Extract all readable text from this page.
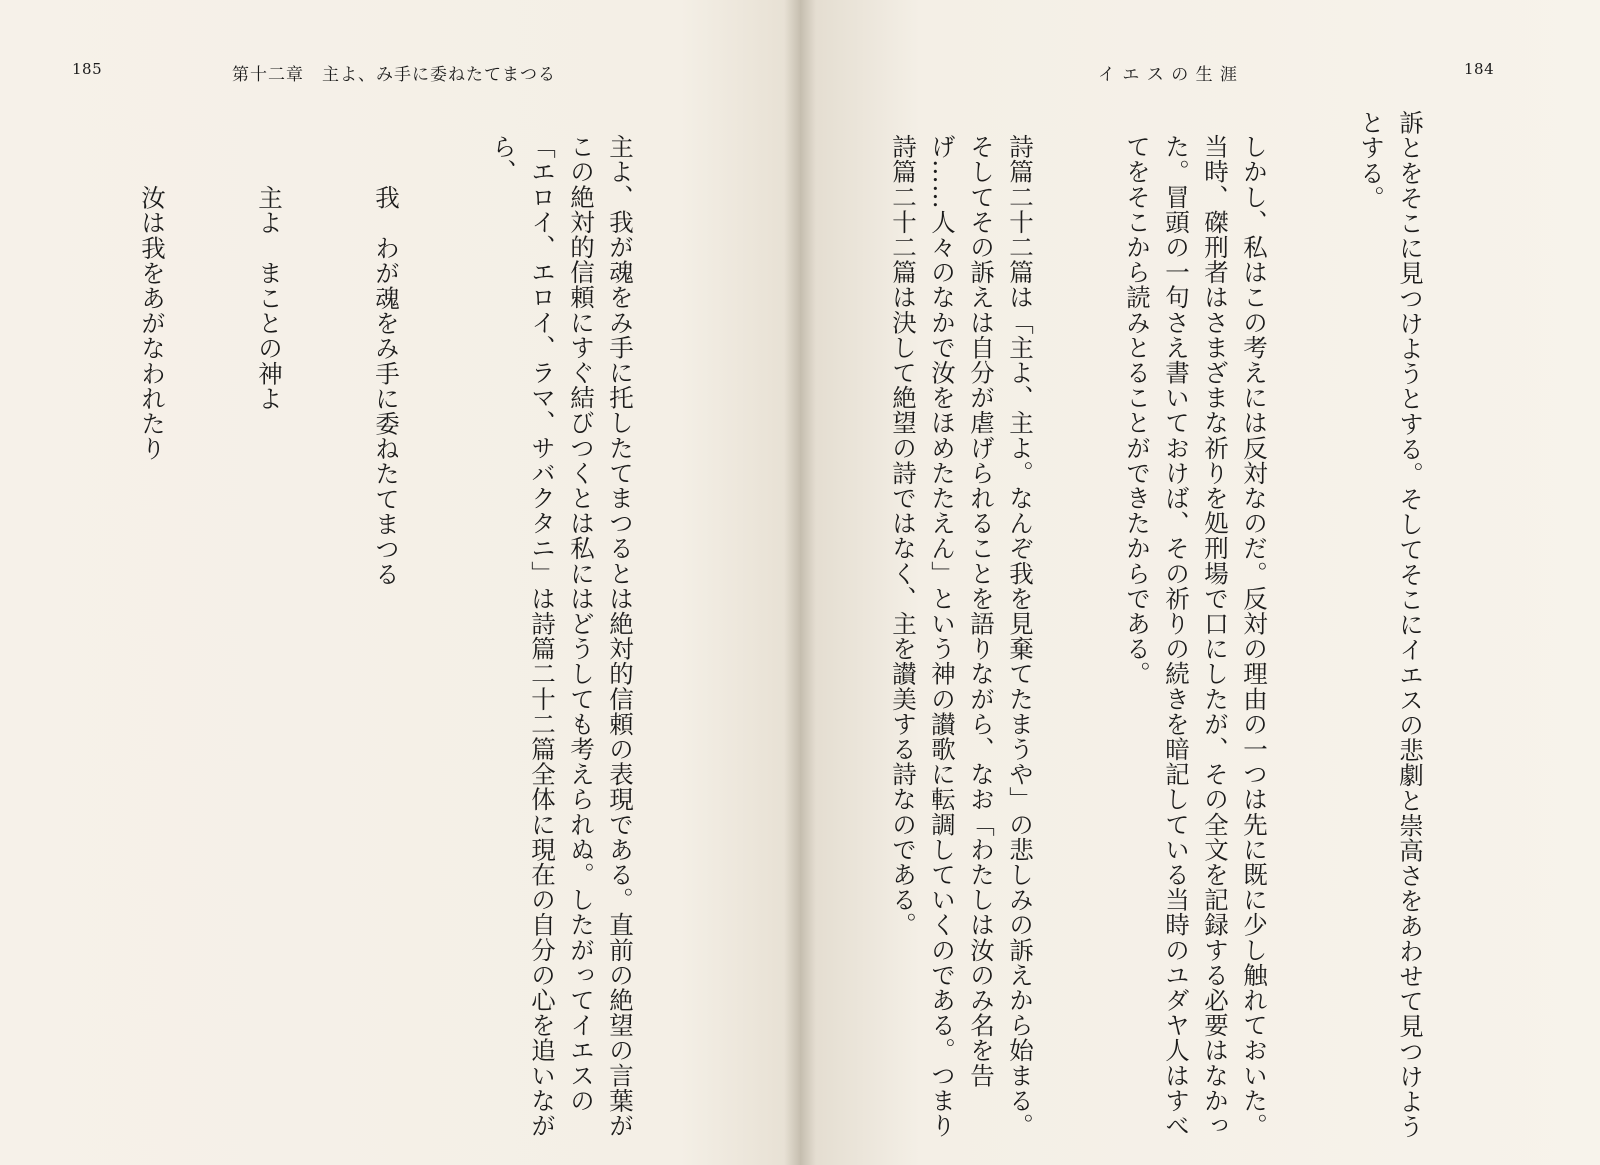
185	第十二章　主よ、み手に委ねたてまつる

主よ、我が魂をみ手に托したてまつるとは絶対的信頼の表現である。直前の絶望の言葉がこの絶対的信頼にすぐ結びつくとは私にはどうしても考えられぬ。したがってイエスの「エロイ、エロイ、ラマ、サバクタニ」は詩篇二十二篇全体に現在の自分の心を追いながら、

我　わが魂をみ手に委ねたてまつる

主よ　まことの神よ

汝は我をあがなわれたり

イ エ ス の 生 涯	184

訴とをそこに見つけようとする。そしてそこにイエスの悲劇と崇高さをあわせて見つけようとする。

しかし、私はこの考えには反対なのだ。反対の理由の一つは先に既に少し触れておいた。当時、磔刑者はさまざまな祈りを処刑場で口にしたが、その全文を記録する必要はなかった。冒頭の一句さえ書いておけば、その祈りの続きを暗記している当時のユダヤ人はすべてをそこから読みとることができたからである。

詩篇二十二篇は「主よ、主よ。なんぞ我を見棄てたまうや」の悲しみの訴えから始まる。そしてその訴えは自分が虐げられることを語りながら、なお「わたしは汝のみ名を告げ……人々のなかで汝をほめたたえん」という神の讃歌に転調していくのである。つまり詩篇二十二篇は決して絶望の詩ではなく、主を讃美する詩なのである。
